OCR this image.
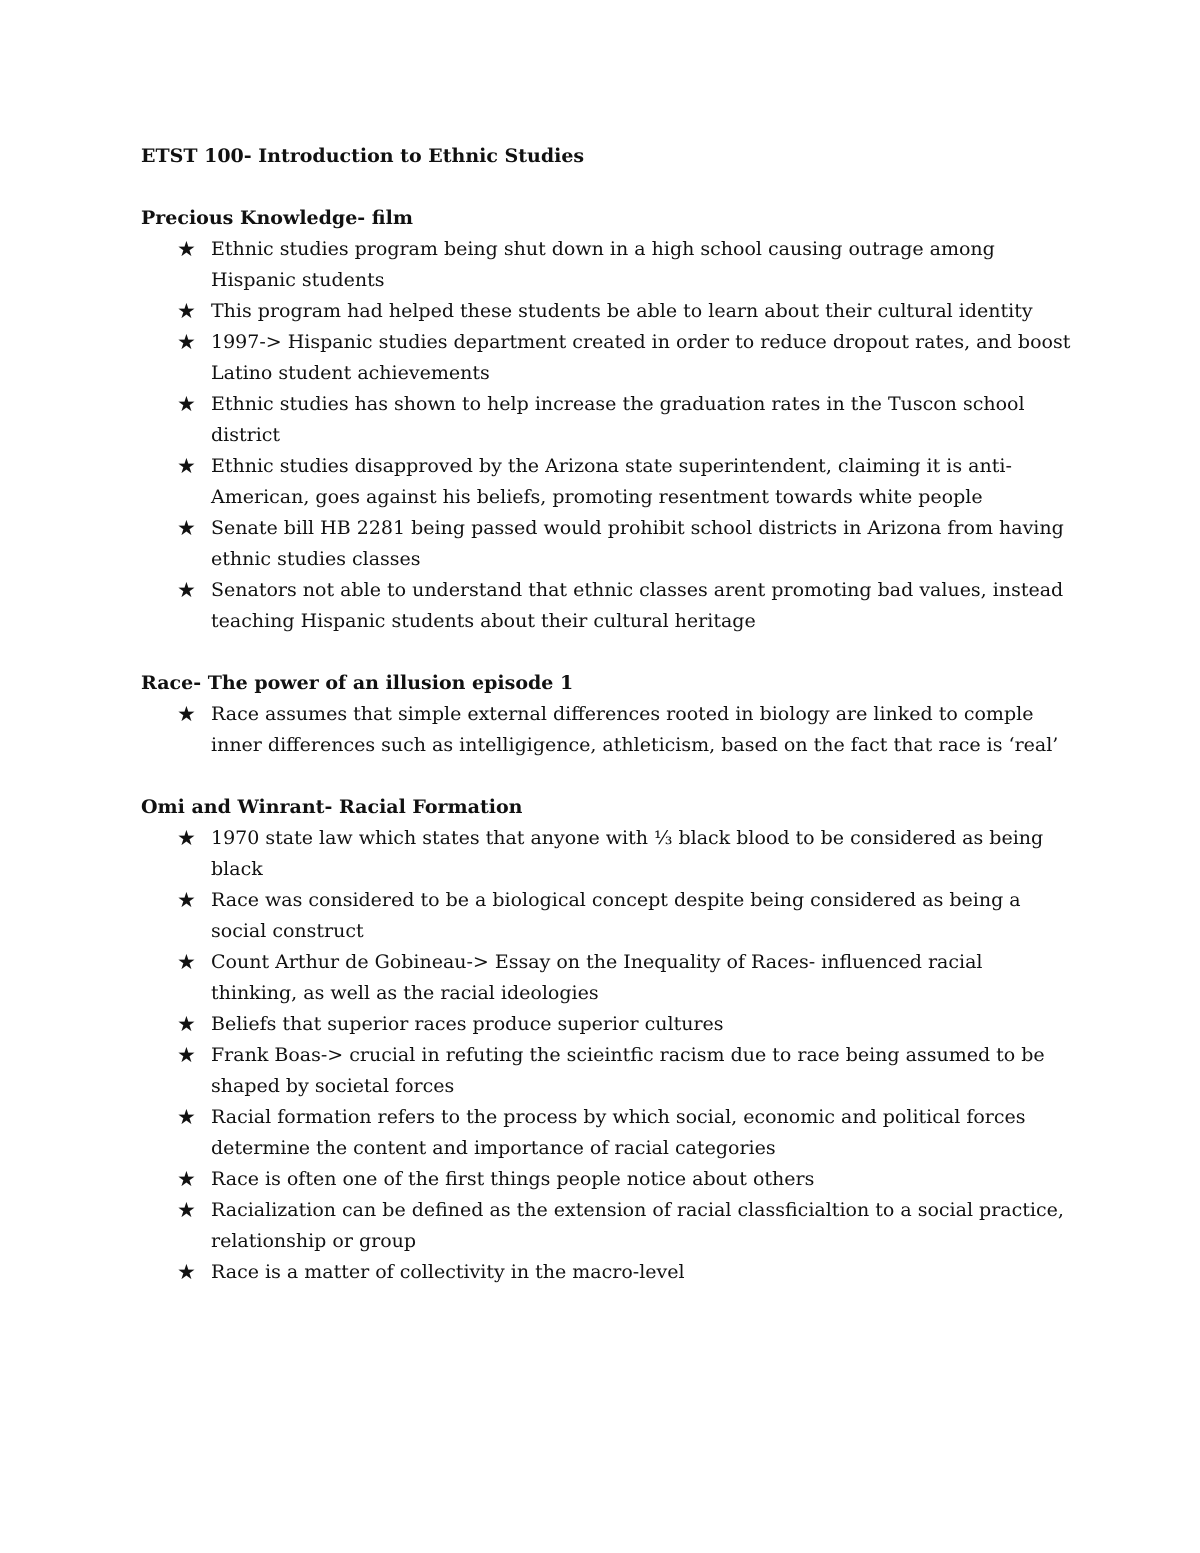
ETST 100- Introduction to Ethnic Studies
Precious Knowledge- film
★ Ethnic studies program being shut down in a high school causing outrage among Hispanic students
★ This program had helped these students be able to learn about their cultural identity
★ 1997-> Hispanic studies department created in order to reduce dropout rates, and boost Latino student achievements
★ Ethnic studies has shown to help increase the graduation rates in the Tuscon school district
★ Ethnic studies disapproved by the Arizona state superintendent, claiming it is anti-American, goes against his beliefs, promoting resentment towards white people
★ Senate bill HB 2281 being passed would prohibit school districts in Arizona from having ethnic studies classes
★ Senators not able to understand that ethnic classes arent promoting bad values, instead teaching Hispanic students about their cultural heritage
Race- The power of an illusion episode 1
★ Race assumes that simple external differences rooted in biology are linked to comple inner differences such as intelligigence, athleticism, based on the fact that race is ‘real’
Omi and Winrant- Racial Formation
★ 1970 state law which states that anyone with ⅓ black blood to be considered as being black
★ Race was considered to be a biological concept despite being considered as being a social construct
★ Count Arthur de Gobineau-> Essay on the Inequality of Races- influenced racial thinking, as well as the racial ideologies
★ Beliefs that superior races produce superior cultures
★ Frank Boas-> crucial in refuting the scieintfic racism due to race being assumed to be shaped by societal forces
★ Racial formation refers to the process by which social, economic and political forces determine the content and importance of racial categories
★ Race is often one of the first things people notice about others
★ Racialization can be defined as the extension of racial classficialtion to a social practice, relationship or group
★ Race is a matter of collectivity in the macro-level
